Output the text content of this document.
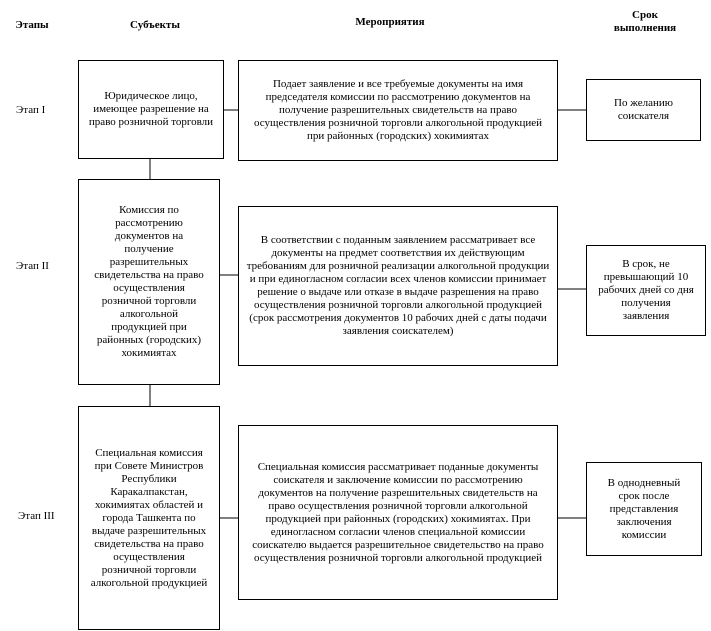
Этапы	Субъекты	Мероприятия
Срок выполнения
Этап I
Этап II
Этап III
Юридическое лицо, имеющее разрешение на право розничной торговли
Подает заявление и все требуемые документы на имя председателя комиссии по рассмотрению документов на получение разрешительных свидетельств на право осуществления розничной торговли алкогольной продукцией при районных (городских) хокимиятах
По желанию соискателя
Комиссия по рассмотрению документов на получение разрешительных свидетельства на право осуществления розничной торговли алкогольной продукцией при районных (городских) хокимиятах
В соответствии с поданным заявлением рассматривает все документы на предмет соответствия их действующим требованиям для розничной реализации алкогольной продукции и при единогласном согласии всех членов комиссии принимает решение о выдаче или отказе в выдаче разрешения на право осуществления розничной торговли алкогольной продукцией (срок рассмотрения документов 10 рабочих дней с даты подачи заявления соискателем)
В срок, не превышающий 10 рабочих дней со дня получения заявления
Специальная комиссия при Совете Министров Республики Каракалпакстан, хокимиятах областей и города Ташкента по выдаче разрешительных свидетельства на право осуществления розничной торговли алкогольной продукцией
Специальная комиссия рассматривает поданные документы соискателя и заключение комиссии по рассмотрению документов на получение разрешительных свидетельств на право осуществления розничной торговли алкогольной продукцией при районных (городских) хокимиятах. При единогласном согласии членов специальной комиссии соискателю выдается разрешительное свидетельство на право осуществления розничной торговли алкогольной продукцией
В однодневный срок после представления заключения комиссии
